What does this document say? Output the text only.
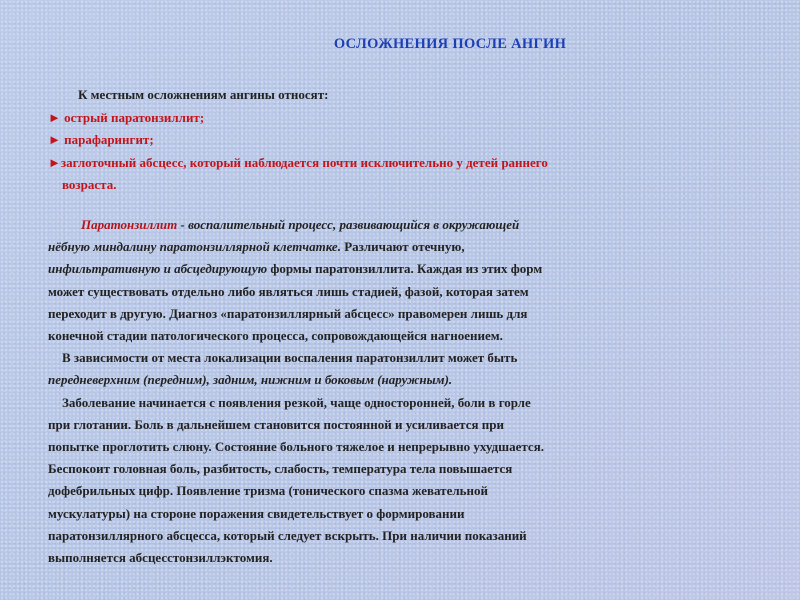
ОСЛОЖНЕНИЯ ПОСЛЕ АНГИН
К местным осложнениям ангины относят:
► острый паратонзиллит;
► парафарингит;
►заглоточный абсцесс, который наблюдается почти исключительно у детей раннего
возраста.
Паратонзиллит - воспалительный процесс, развивающийся в окружающей
нёбную миндалину паратонзиллярной клетчатке. Различают отечную,
инфильтративную и абсцедирующую формы паратонзиллита. Каждая из этих форм
может существовать отдельно либо являться лишь стадией, фазой, которая затем
переходит в другую. Диагноз «паратонзиллярный абсцесс» правомерен лишь для
конечной стадии патологического процесса, сопровождающейся нагноением.
В зависимости от места локализации воспаления паратонзиллит может быть
передневерхним (передним), задним, нижним и боковым (наружным).
Заболевание начинается с появления резкой, чаще односторонней, боли в горле
при глотании. Боль в дальнейшем становится постоянной и усиливается при
попытке проглотить слюну. Состояние больного тяжелое и непрерывно ухудшается.
Беспокоит головная боль, разбитость, слабость, температура тела повышается
дофебрильных цифр. Появление тризма (тонического спазма жевательной
мускулатуры) на стороне поражения свидетельствует о формировании
паратонзиллярного абсцесса, который следует вскрыть. При наличии показаний
выполняется абсцесстонзиллэктомия.
